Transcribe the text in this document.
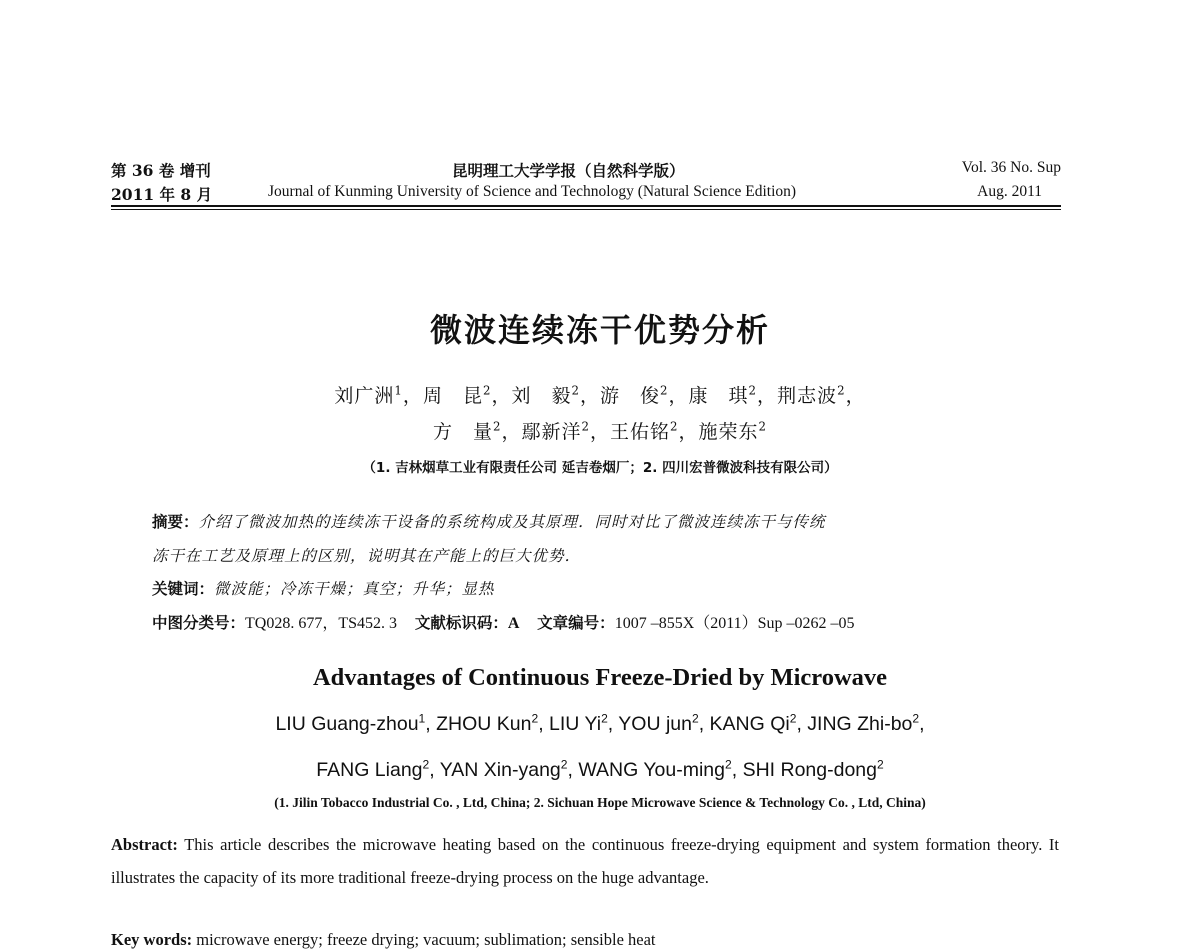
第 36 卷 增刊
2011 年 8 月
昆明理工大学学报（自然科学版）
Journal of Kunming University of Science and Technology (Natural Science Edition)
Vol. 36 No. Sup
Aug. 2011
微波连续冻干优势分析
刘广洲$^1$，周　昆$^2$，刘　毅$^2$，游　俊$^2$，康　琪$^2$，荆志波$^2$，
方　量$^2$，鄢新洋$^2$，王佑铭$^2$，施荣东$^2$
（1. 吉林烟草工业有限责任公司 延吉卷烟厂；2. 四川宏普微波科技有限公司）
摘要：介绍了微波加热的连续冻干设备的系统构成及其原理．同时对比了微波连续冻干与传统
冻干在工艺及原理上的区别，说明其在产能上的巨大优势．
关键词：微波能；冷冻干燥；真空；升华；显热
中图分类号：TQ028. 677，TS452. 3 文献标识码：A 文章编号：1007 –855X（2011）Sup –0262 –05
Advantages of Continuous Freeze-Dried by Microwave
LIU Guang-zhou$^1$, ZHOU Kun$^2$, LIU Yi$^2$, YOU jun$^2$, KANG Qi$^2$, JING Zhi-$bo^2$,
FANG Liang$^2$, YAN Xin-yang$^2$, WANG You-ming$^2$, SHI Rong-dong$^2$
(1. Jilin Tobacco Industrial Co. , Ltd, China; 2. Sichuan Hope Microwave Science & Technology Co. , Ltd, China)
Abstract: This article describes the microwave heating based on the continuous freeze-drying equipment and system formation theory. It illustrates the capacity of its more traditional freeze-drying process on the huge advantage.
Key words: microwave energy; freeze drying; vacuum; sublimation; sensible heat
